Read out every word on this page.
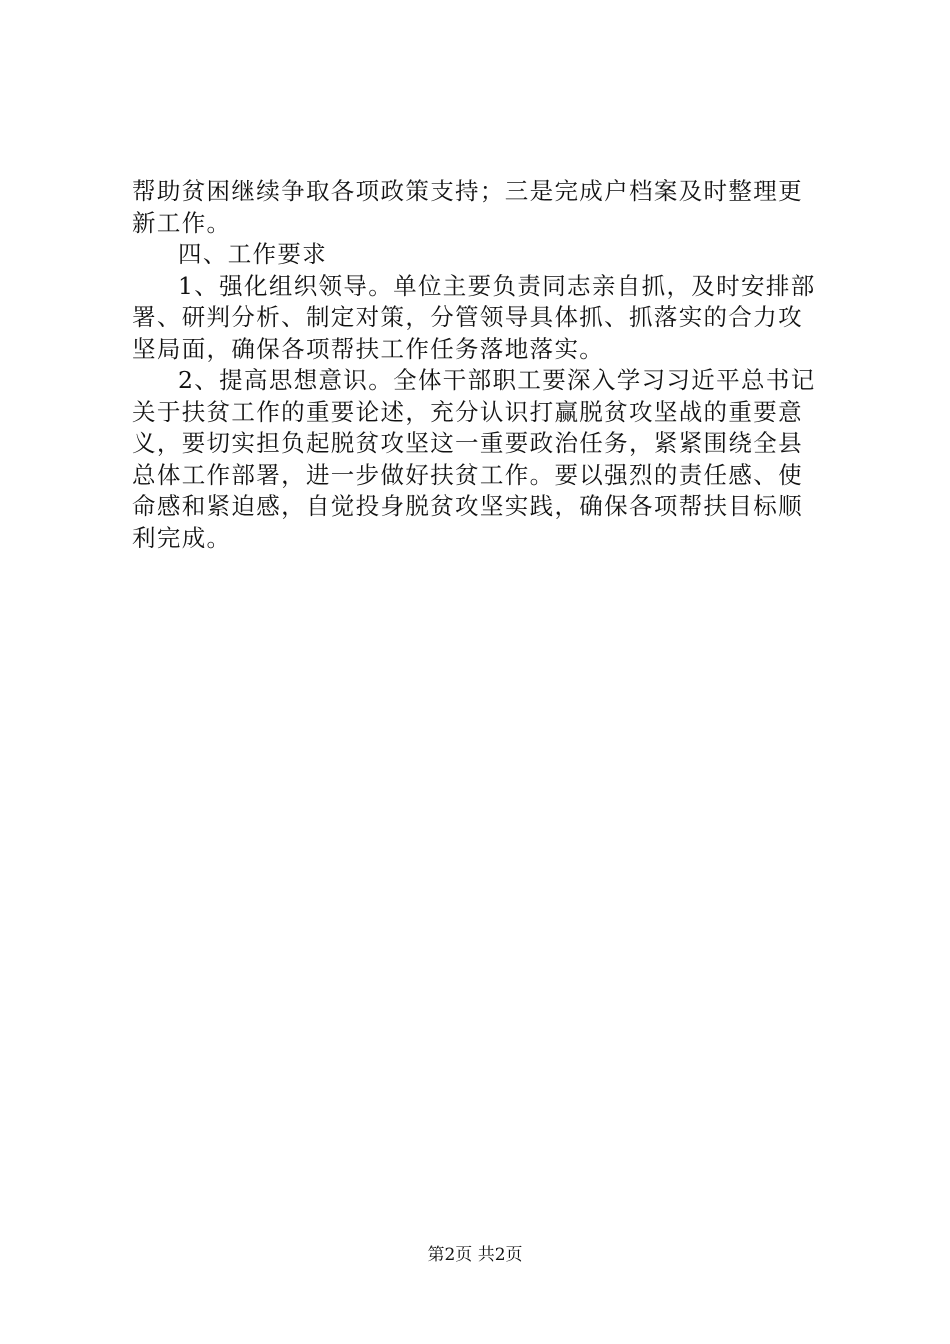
帮助贫困继续争取各项政策支持；三是完成户档案及时整理更
新工作。
四、工作要求
1、强化组织领导。单位主要负责同志亲自抓，及时安排部
署、研判分析、制定对策，分管领导具体抓、抓落实的合力攻
坚局面，确保各项帮扶工作任务落地落实。
2、提高思想意识。全体干部职工要深入学习习近平总书记
关于扶贫工作的重要论述，充分认识打赢脱贫攻坚战的重要意
义，要切实担负起脱贫攻坚这一重要政治任务，紧紧围绕全县
总体工作部署，进一步做好扶贫工作。要以强烈的责任感、使
命感和紧迫感，自觉投身脱贫攻坚实践，确保各项帮扶目标顺
利完成。
第2页 共2页
